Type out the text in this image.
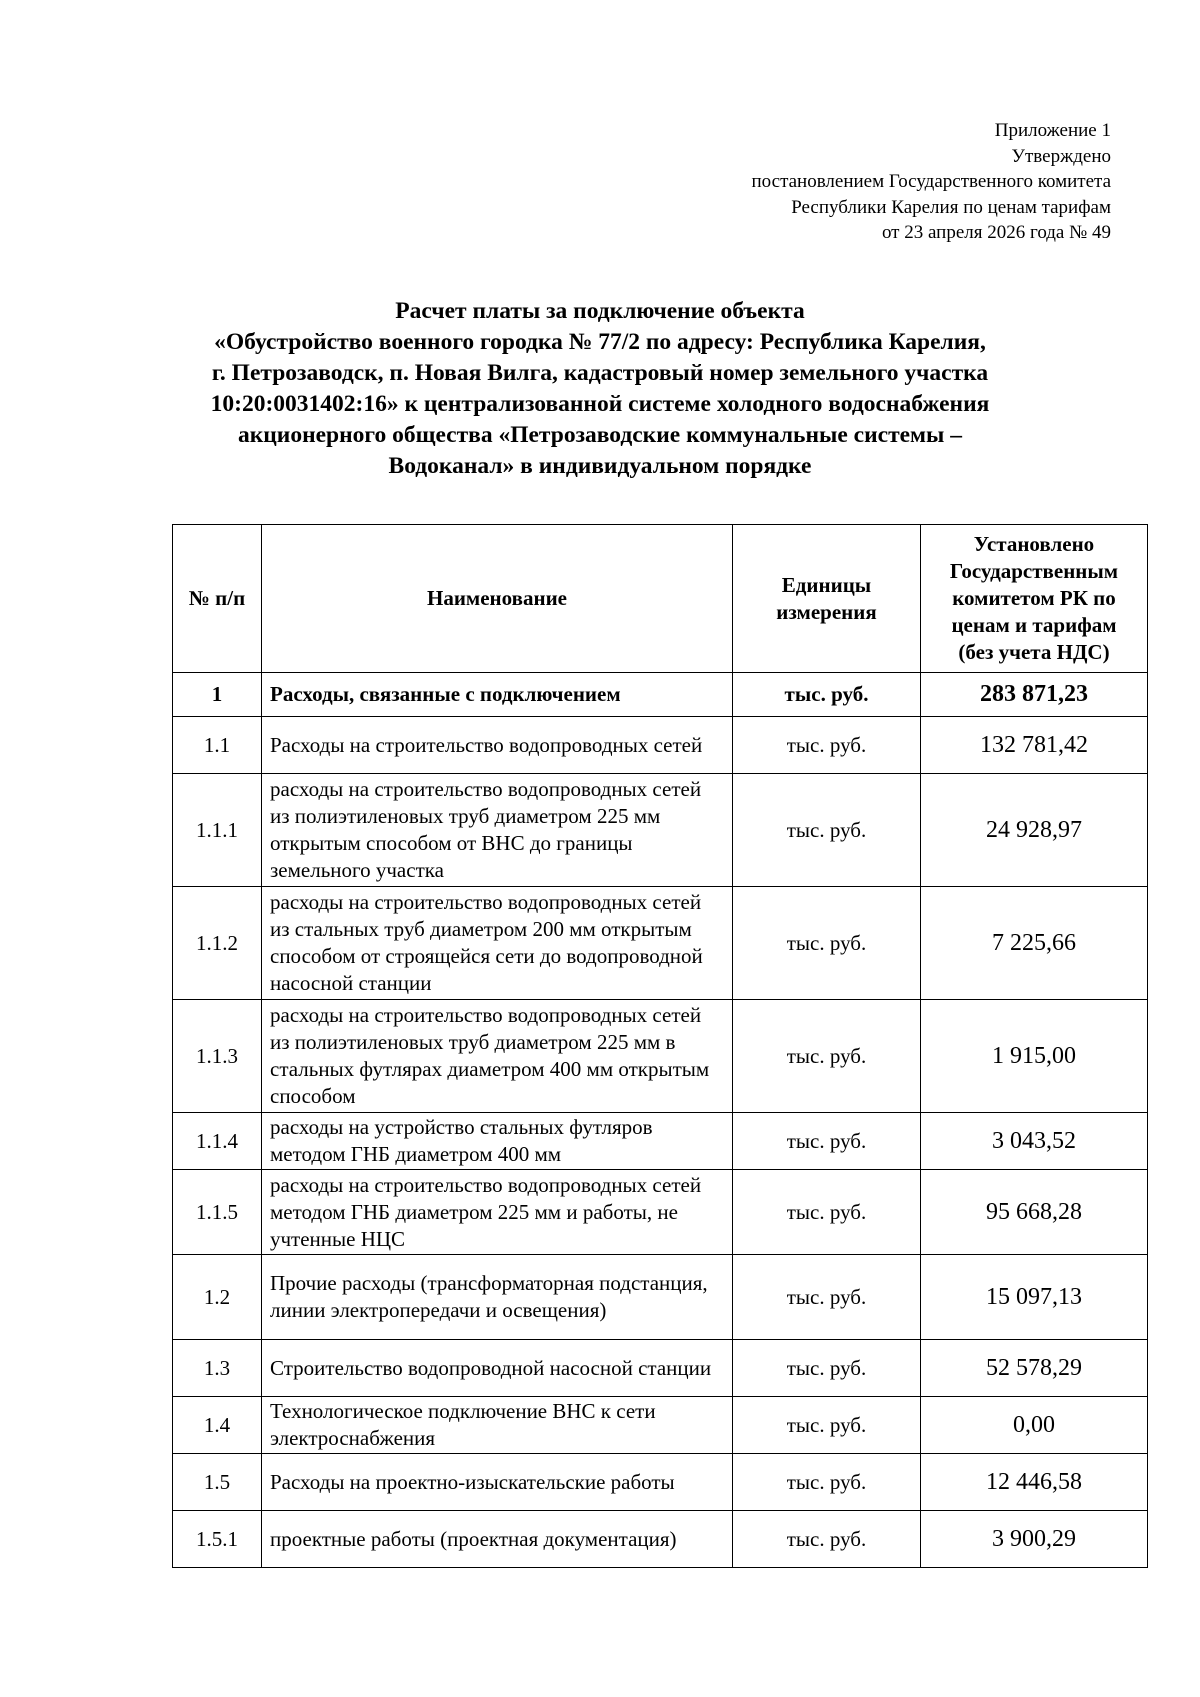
Приложение 1
Утверждено
постановлением Государственного комитета
Республики Карелия по ценам тарифам
от 23 апреля 2026 года № 49
Расчет платы за подключение объекта
«Обустройство военного городка № 77/2 по адресу: Республика Карелия,
г. Петрозаводск, п. Новая Вилга, кадастровый номер земельного участка
10:20:0031402:16» к централизованной системе холодного водоснабжения
акционерного общества «Петрозаводские коммунальные системы –
Водоканал» в индивидуальном порядке
№ п/п	Наименование	Единицы измерения	Установлено Государственным комитетом РК по ценам и тарифам (без учета НДС)
1	Расходы, связанные с подключением	тыс. руб.	283 871,23
1.1	Расходы на строительство водопроводных сетей	тыс. руб.	132 781,42
1.1.1	расходы на строительство водопроводных сетей из полиэтиленовых труб диаметром 225 мм открытым способом от ВНС до границы земельного участка	тыс. руб.	24 928,97
1.1.2	расходы на строительство водопроводных сетей из стальных труб диаметром 200 мм открытым способом от строящейся сети до водопроводной насосной станции	тыс. руб.	7 225,66
1.1.3	расходы на строительство водопроводных сетей из полиэтиленовых труб диаметром 225 мм в стальных футлярах диаметром 400 мм открытым способом	тыс. руб.	1 915,00
1.1.4	расходы на устройство стальных футляров методом ГНБ диаметром 400 мм	тыс. руб.	3 043,52
1.1.5	расходы на строительство водопроводных сетей методом ГНБ диаметром 225 мм и работы, не учтенные НЦС	тыс. руб.	95 668,28
1.2	Прочие расходы (трансформаторная подстанция, линии электропередачи и освещения)	тыс. руб.	15 097,13
1.3	Строительство водопроводной насосной станции	тыс. руб.	52 578,29
1.4	Технологическое подключение ВНС к сети электроснабжения	тыс. руб.	0,00
1.5	Расходы на проектно-изыскательские работы	тыс. руб.	12 446,58
1.5.1	проектные работы (проектная документация)	тыс. руб.	3 900,29
